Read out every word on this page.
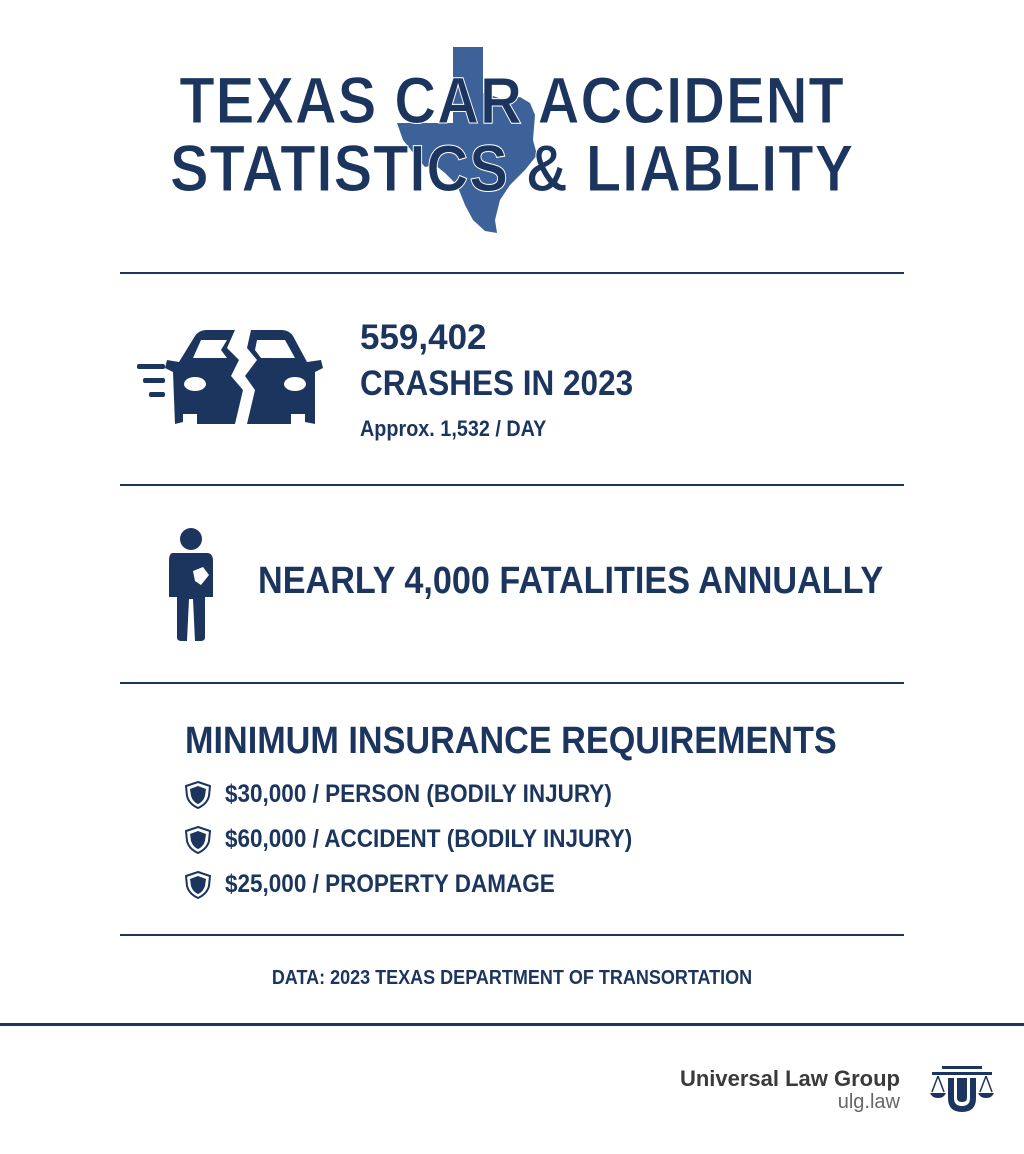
TEXAS CAR ACCIDENT
STATISTICS & LIABLITY
559,402
CRASHES IN 2023
Approx. 1,532 / DAY
NEARLY 4,000 FATALITIES ANNUALLY
MINIMUM INSURANCE REQUIREMENTS
$30,000 / PERSON (BODILY INJURY)
$60,000 / ACCIDENT (BODILY INJURY)
$25,000 / PROPERTY DAMAGE
DATA: 2023 TEXAS DEPARTMENT OF TRANSORTATION
Universal Law Group
ulg.law
